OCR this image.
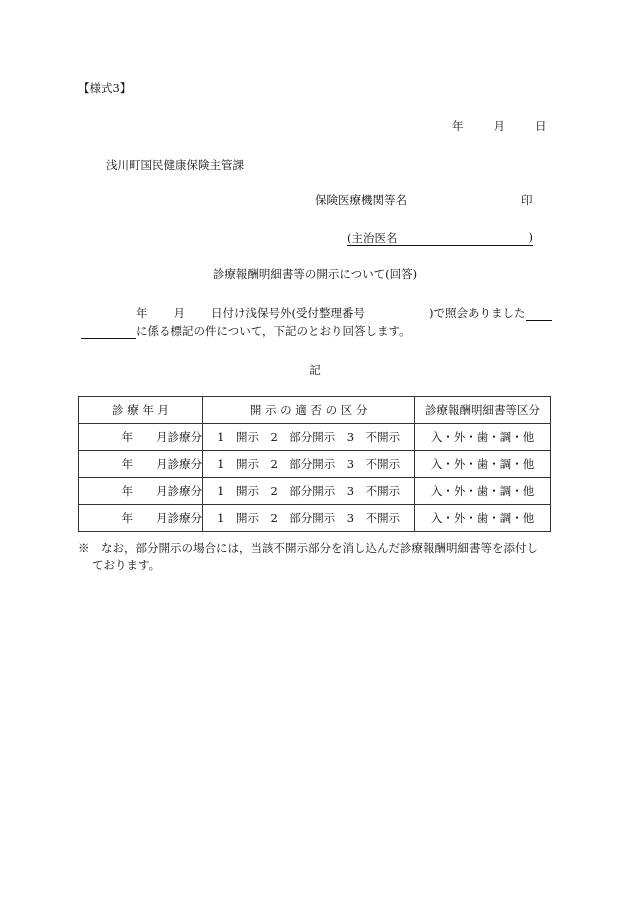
【様式3】
年	月	日
浅川町国民健康保険主管課
保険医療機関等名	印
(主治医名	)
診療報酬明細書等の開示について(回答)
年 月 日付け浅保号外(受付整理番号	)で照会ありました
に係る標記の件について，下記のとおり回答します。
記
診 療 年 月	開 示 の 適 否 の 区 分	診療報酬明細書等区分
年　　月診療分	1　開示　2　部分開示　3　不開示	入・外・歯・調・他
年　　月診療分	1　開示　2　部分開示　3　不開示	入・外・歯・調・他
年　　月診療分	1　開示　2　部分開示　3　不開示	入・外・歯・調・他
年　　月診療分	1　開示　2　部分開示　3　不開示	入・外・歯・調・他
※　なお，部分開示の場合には，当該不開示部分を消し込んだ診療報酬明細書等を添付し
ております。
